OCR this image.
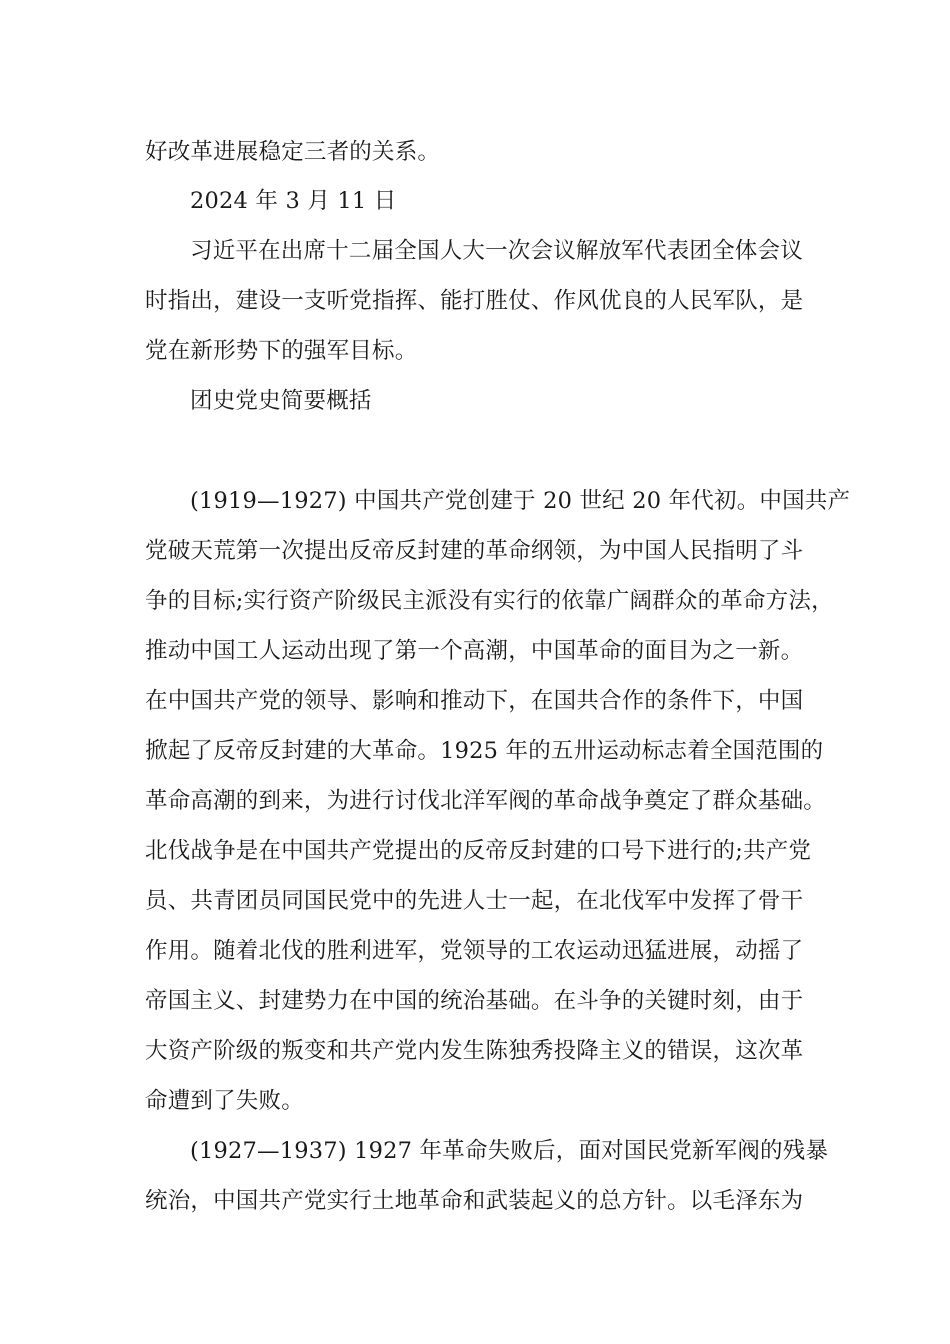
好改革进展稳定三者的关系。
2024 年 3 月 11 日
习近平在出席十二届全国人大一次会议解放军代表团全体会议
时指出，建设一支听党指挥、能打胜仗、作风优良的人民军队，是
党在新形势下的强军目标。
团史党史简要概括
(1919—1927) 中国共产党创建于 20 世纪 20 年代初。中国共产
党破天荒第一次提出反帝反封建的革命纲领，为中国人民指明了斗
争的目标;实行资产阶级民主派没有实行的依靠广阔群众的革命方法，
推动中国工人运动出现了第一个高潮，中国革命的面目为之一新。
在中国共产党的领导、影响和推动下，在国共合作的条件下，中国
掀起了反帝反封建的大革命。1925 年的五卅运动标志着全国范围的
革命高潮的到来，为进行讨伐北洋军阀的革命战争奠定了群众基础。
北伐战争是在中国共产党提出的反帝反封建的口号下进行的;共产党
员、共青团员同国民党中的先进人士一起，在北伐军中发挥了骨干
作用。随着北伐的胜利进军，党领导的工农运动迅猛进展，动摇了
帝国主义、封建势力在中国的统治基础。在斗争的关键时刻，由于
大资产阶级的叛变和共产党内发生陈独秀投降主义的错误，这次革
命遭到了失败。
(1927—1937) 1927 年革命失败后，面对国民党新军阀的残暴
统治，中国共产党实行土地革命和武装起义的总方针。以毛泽东为
